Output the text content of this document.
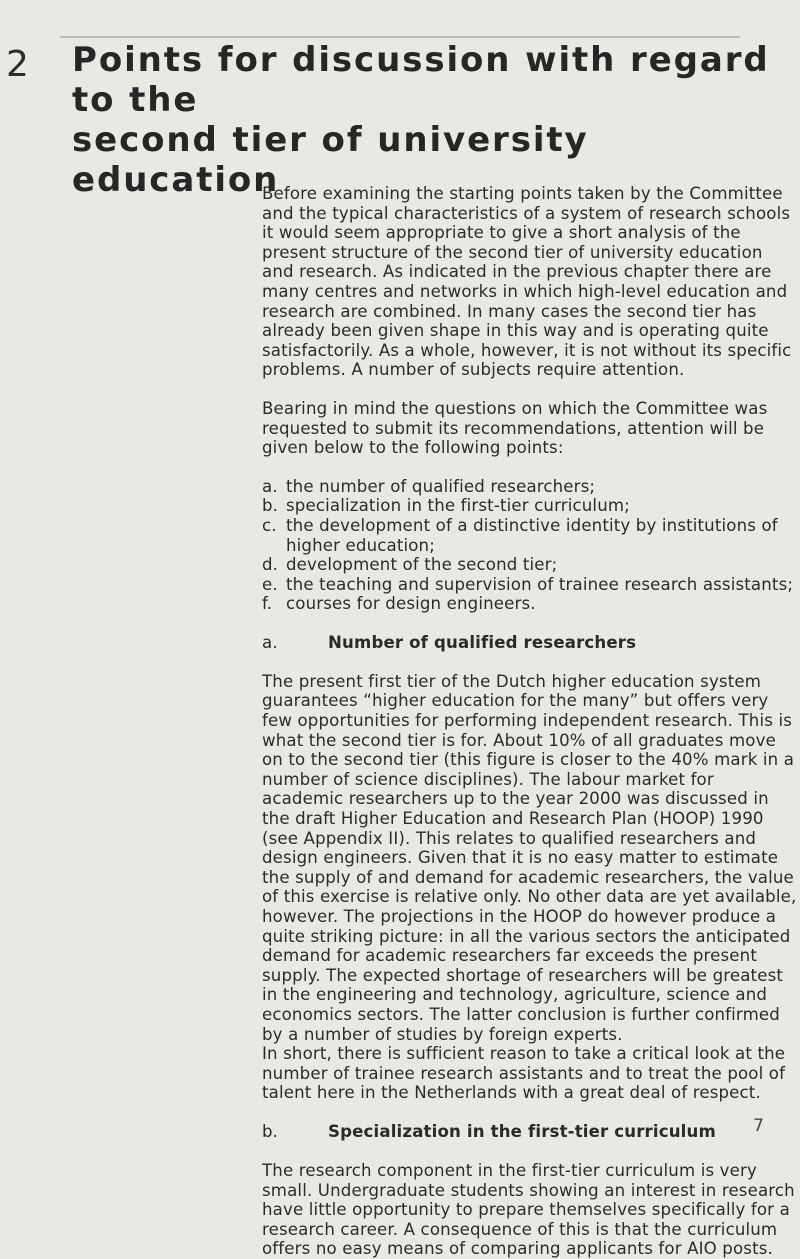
2 Points for discussion with regard to the
second tier of university education

Before examining the starting points taken by the Committee and the typical characteristics of a system of research schools it would seem appropriate to give a short analysis of the present structure of the second tier of university education and research. As indicated in the previous chapter there are many centres and networks in which high-level education and research are combined. In many cases the second tier has already been given shape in this way and is operating quite satisfactorily. As a whole, however, it is not without its specific problems. A number of subjects require attention.

Bearing in mind the questions on which the Committee was requested to submit its recommendations, attention will be given below to the following points:

a. the number of qualified researchers;
b. specialization in the first-tier curriculum;
c. the development of a distinctive identity by institutions of higher education;
d. development of the second tier;
e. the teaching and supervision of trainee research assistants;
f. courses for design engineers.
a.	Number of qualified researchers

The present first tier of the Dutch higher education system guarantees “higher education for the many” but offers very few opportunities for performing independent research. This is what the second tier is for. About 10% of all graduates move on to the second tier (this figure is closer to the 40% mark in a number of science disciplines). The labour market for academic researchers up to the year 2000 was discussed in the draft Higher Education and Research Plan (HOOP) 1990 (see Appendix II). This relates to qualified researchers and design engineers. Given that it is no easy matter to estimate the supply of and demand for academic researchers, the value of this exercise is relative only. No other data are yet available, however. The projections in the HOOP do however produce a quite striking picture: in all the various sectors the anticipated demand for academic researchers far exceeds the present supply. The expected shortage of researchers will be greatest in the engineering and technology, agriculture, science and economics sectors. The latter conclusion is further confirmed by a number of studies by foreign experts.

In short, there is sufficient reason to take a critical look at the number of trainee research assistants and to treat the pool of talent here in the Netherlands with a great deal of respect.

b.	Specialization in the first-tier curriculum

The research component in the first-tier curriculum is very small. Undergraduate students showing an interest in research have little opportunity to prepare themselves specifically for a research career. A consequence of this is that the curriculum offers no easy means of comparing applicants for AIO posts.

7
